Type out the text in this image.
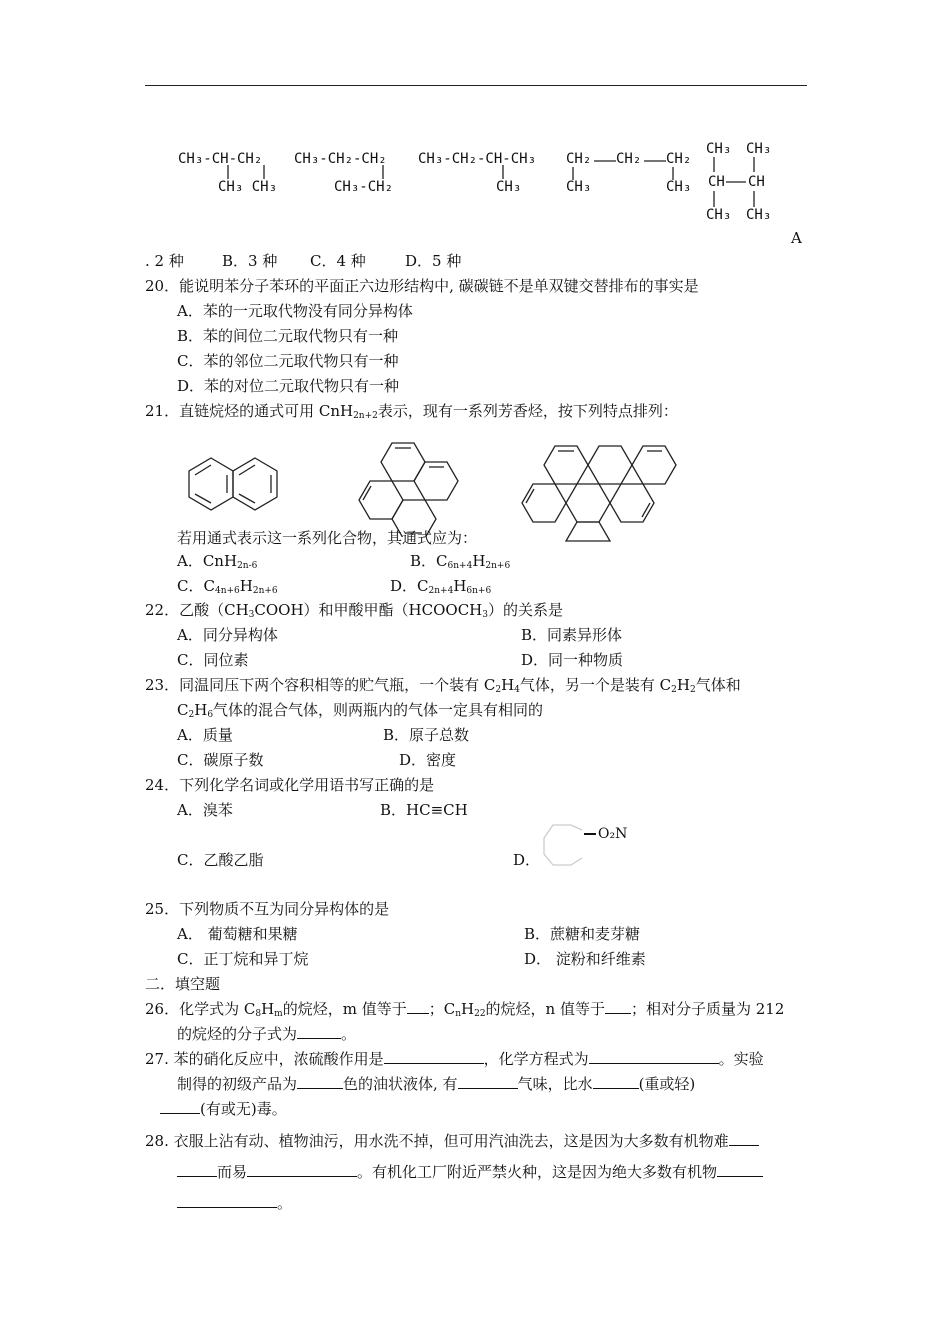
CH₃-CH-CH₂
CH₃ CH₃
CH₃-CH₂-CH₂
CH₃-CH₂
CH₃-CH₂-CH-CH₃
CH₃
CH₂ CH₂ CH₂
CH₃	CH₃
CH₃ CH₃
CH CH
CH₃ CH₃
A
. 2 种	B．3 种 C．4 种	D．5 种
20．能说明苯分子苯环的平面正六边形结构中, 碳碳链不是单双键交替排布的事实是
A．苯的一元取代物没有同分异构体
B．苯的间位二元取代物只有一种
C．苯的邻位二元取代物只有一种
D．苯的对位二元取代物只有一种
21．直链烷烃的通式可用 CnH$_{2n+2}$表示，现有一系列芳香烃，按下列特点排列：
若用通式表示这一系列化合物，其通式应为：
A．CnH$_{2n-6}$	B．$C_{6n+4}H_{2n+6}$
C．$C_{4n+6}H_{2n+6}$	D．$C_{2n+4}H_{6n+6}$
22．乙酸$(CH_3COOH)$和甲酸甲酯$(HCOOCH_3)$的关系是
A．同分异构体	B．同素异形体
C．同位素	D．同一种物质
23．同温同压下两个容积相等的贮气瓶，一个装有 $C_2H_4$气体，另一个是装有 $C_2H_2$气体和
$C_2H_6$气体的混合气体，则两瓶内的气体一定具有相同的
A．质量	B．原子总数
C．碳原子数	D．密度
24．下列化学名词或化学用语书写正确的是
A．溴苯	B．HC≡CH
C．乙酸乙脂	D．
O₂N
25．下列物质不互为同分异构体的是
A． 葡萄糖和果糖	B．蔗糖和麦芽糖
C．正丁烷和异丁烷	D． 淀粉和纤维素
二．填空题
26．化学式为 $C_8H_m$的烷烃，m 值等于 ；$C_nH_{22}$的烷烃，n 值等于 ；相对分子质量为 212
的烷烃的分子式为	。
27. 苯的硝化反应中，浓硫酸作用是	，化学方程式为	。实验
制得的初级产品为	色的油状液体, 有	气味，比水	(重或轻)
(有或无)毒。
28. 衣服上沾有动、植物油污，用水洗不掉，但可用汽油洗去，这是因为大多数有机物难
而易	。有机化工厂附近严禁火种，这是因为绝大多数有机物
。
